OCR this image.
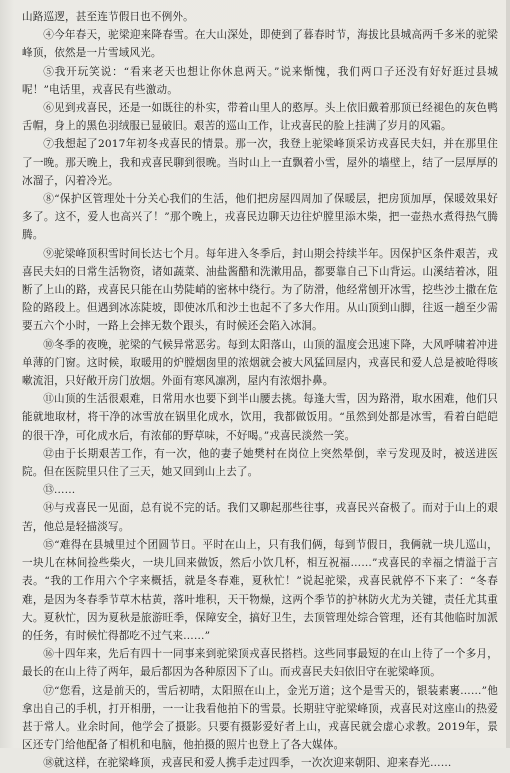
山路巡逻，甚至连节假日也不例外。

④今年春天，驼梁迎来降春雪。在大山深处，即使到了暮春时节，海拔比县城高两千多米的驼梁峰顶，依然是一片雪域风光。

⑤我开玩笑说：“看来老天也想让你休息两天。”说来惭愧，我们两口子还没有好好逛过县城呢！”电话里，戎喜民有些激动。

⑥见到戎喜民，还是一如既往的朴实，带着山里人的憨厚。头上依旧戴着那顶已经褪色的灰色鸭舌帽，身上的黑色羽绒服已显破旧。艰苦的巡山工作，让戎喜民的脸上挂满了岁月的风霜。

⑦我想起了2017年初冬戎喜民的情景。那一次，我登上驼梁峰顶采访戎喜民夫妇，并在那里住了一晚。那天晚上，我和戎喜民聊到很晚。当时山上一直飘着小雪，屋外的墙壁上，结了一层厚厚的冰溜子，闪着冷光。

⑧“保护区管理处十分关心我们的生活，他们把房屋四周加了保暖层，把房顶加厚，保暖效果好多了。这不，爱人也高兴了！”那个晚上，戎喜民边聊天边往炉膛里添木柴，把一壶热水煮得热气腾腾。

⑨驼梁峰顶积雪时间长达七个月。每年进入冬季后，封山期会持续半年。因保护区条件艰苦，戎喜民夫妇的日常生活物资，诸如蔬菜、油盐酱醋和洗漱用品，都要靠自己下山背运。山溪结着冰，阻断了上山的路，戎喜民只能在山势陡峭的密林中绕行。为了防滑，他经常刨开冰雪，挖些沙土撒在危险的路段上。但遇到冰冻陡坡，即使冰爪和沙土也起不了多大作用。从山顶到山脚，往返一趟至少需要五六个小时，一路上会摔无数个跟头，有时候还会陷入冰洞。

⑩冬季的夜晚，驼梁的气候异常恶劣。每到太阳落山，山顶的温度会迅速下降，大风呼啸着冲进单薄的门窗。这时候，取暖用的炉膛烟囱里的浓烟就会被大风猛回屋内，戎喜民和爱人总是被呛得咳嗽流泪，只好敞开房门放烟。外面有寒风凛冽，屋内有浓烟扑鼻。

⑪山顶的生活很艰难，日常用水也要下到半山腰去挑。每逢大雪，因为路滑，取水困难，他们只能就地取材，将干净的冰雪放在锅里化成水，饮用，我都做饭用。“虽然到处都是冰雪，看着白皑皑的很干净，可化成水后，有浓郁的野草味，不好喝。”戎喜民淡然一笑。

⑫由于长期艰苦工作，有一次，他的妻子她樊村在岗位上突然晕倒，幸亏发现及时，被送进医院。但在医院里只住了三天，她又回到山上去了。

⑬……

⑭与戎喜民一见面，总有说不完的话。我们又聊起那些往事，戎喜民兴奋极了。而对于山上的艰苦，他总是轻描淡写。

⑮“难得在县城里过个团圆节日。平时在山上，只有我们俩，每到节假日，我俩就一块儿巡山，一块儿在林间捡些柴火，一块儿回来做饭，然后小饮几杯，相互祝福……”戎喜民的幸福之情溢于言表。“我的工作用六个字来概括，就是冬春难，夏秋忙！”说起驼梁，戎喜民就停不下来了：“冬春难，是因为冬春季节草木枯黄，落叶堆积，天干物燥，这两个季节的护林防火尤为关键，责任尤其重大。夏秋忙，因为夏秋是旅游旺季，保障安全，搞好卫生，去顶管理处综合管理，还有其他临时加派的任务，有时候忙得都吃不过气来……”

⑯十四年来，先后有四十一同事来到驼梁顶戎喜民搭档。这些同事最短的在山上待了一个多月，最长的在山上待了两年，最后都因为各种原因下了山。而戎喜民夫妇依旧守在驼梁峰顶。

⑰“您看，这是前天的，雪后初晴，太阳照在山上，金光万道；这个是雪天的，银装素裹……”他拿出自己的手机，打开相册，一一让我看他拍下的雪景。长期驻守驼梁峰顶，戎喜民对这座山的热爱甚于常人。业余时间，他学会了摄影。只要有摄影爱好者上山，戎喜民就会虚心求教。2019年，景区还专门给他配备了相机和电脑，他拍摄的照片也登上了各大媒体。

⑱就这样，在驼梁峰顶，戎喜民和爱人携手走过四季，一次次迎来朝阳、迎来春光……
